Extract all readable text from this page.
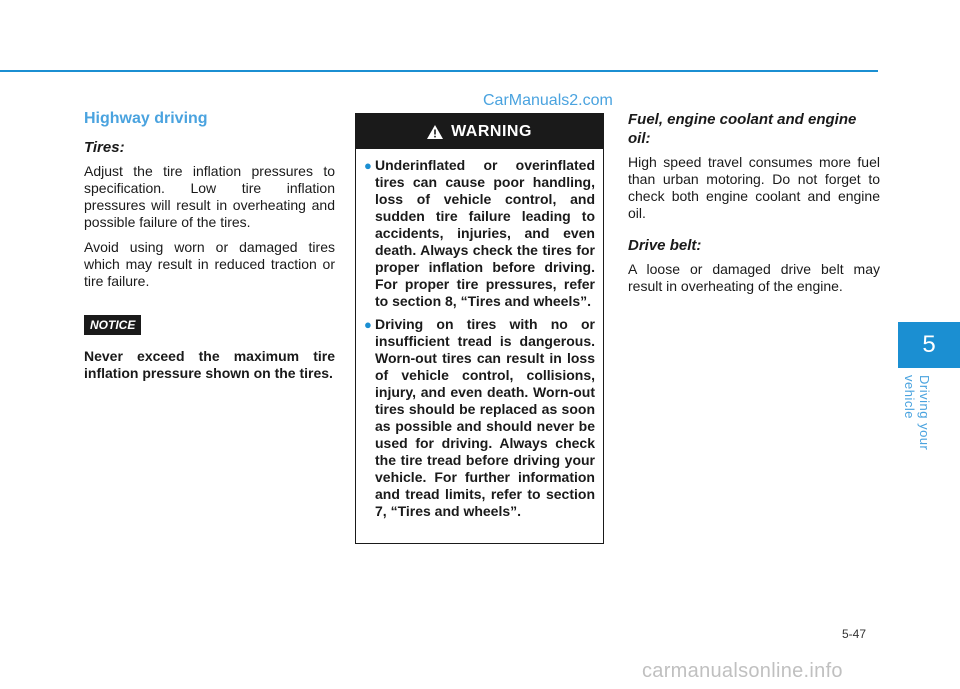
CarManuals2.com
Highway driving
Tires:

Adjust the tire inflation pressures to specification. Low tire inflation pressures will result in overheating and possible failure of the tires.

Avoid using worn or damaged tires which may result in reduced traction or tire failure.

NOTICE

Never exceed the maximum tire inflation pressure shown on the tires.

WARNING
● Underinflated or overinflated tires can cause poor handling, loss of vehicle control, and sudden tire failure leading to accidents, injuries, and even death. Always check the tires for proper inflation before driving. For proper tire pressures, refer to section 8, “Tires and wheels”.
● Driving on tires with no or insufficient tread is dangerous. Worn-out tires can result in loss of vehicle control, collisions, injury, and even death. Worn-out tires should be replaced as soon as possible and should never be used for driving. Always check the tire tread before driving your vehicle. For further information and tread limits, refer to section 7, “Tires and wheels”.
Fuel, engine coolant and engine oil:

High speed travel consumes more fuel than urban motoring. Do not forget to check both engine coolant and engine oil.

Drive belt:

A loose or damaged drive belt may result in overheating of the engine.

5
Driving your vehicle
5-47
carmanualsonline.info
